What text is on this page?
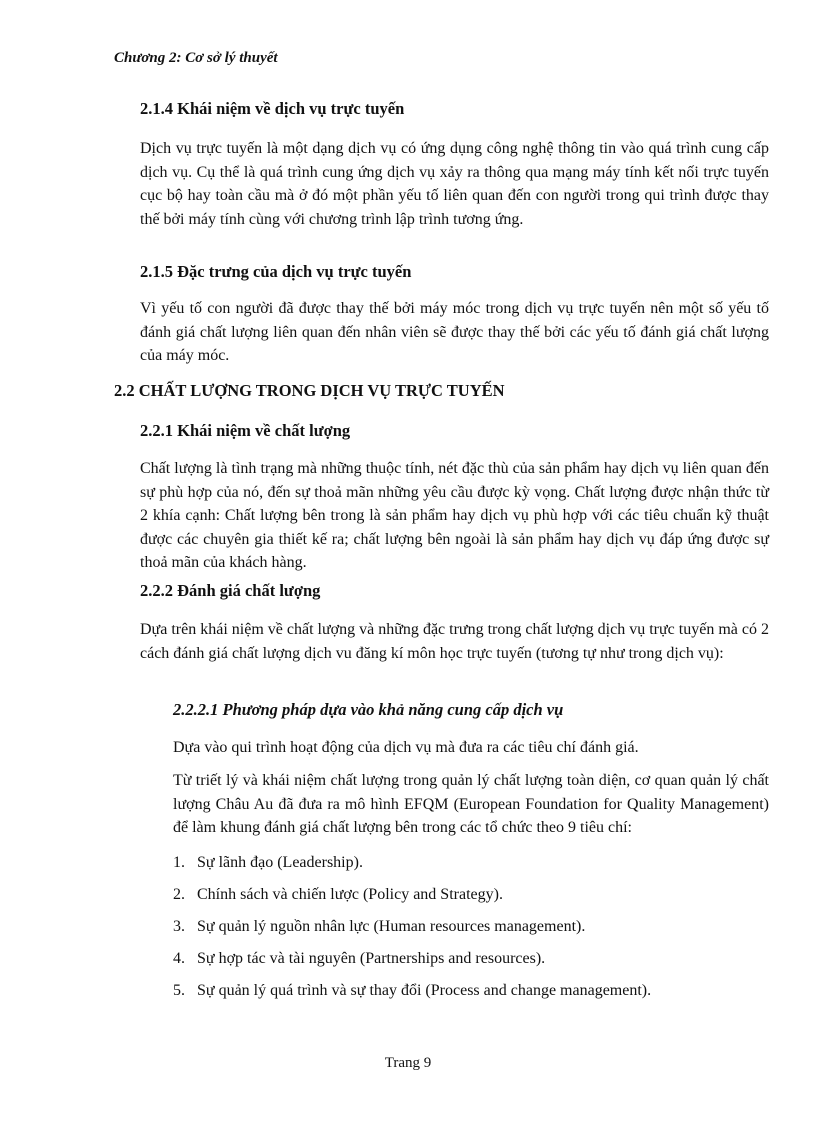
Chương 2: Cơ sở lý thuyết
2.1.4 Khái niệm về dịch vụ trực tuyến
Dịch vụ trực tuyến là một dạng dịch vụ có ứng dụng công nghệ thông tin vào quá trình cung cấp dịch vụ. Cụ thể là quá trình cung ứng dịch vụ xảy ra thông qua mạng máy tính kết nối trực tuyến cục bộ hay toàn cầu mà ở đó một phần yếu tố liên quan đến con người trong qui trình được thay thế bởi máy tính cùng với chương trình lập trình tương ứng.
2.1.5 Đặc trưng của dịch vụ trực tuyến
Vì yếu tố con người đã được thay thế bởi máy móc trong dịch vụ trực tuyến nên một số yếu tố đánh giá chất lượng liên quan đến nhân viên sẽ được thay thế bởi các yếu tố đánh giá chất lượng của máy móc.
2.2 CHẤT LƯỢNG TRONG DỊCH VỤ TRỰC TUYẾN
2.2.1 Khái niệm về chất lượng
Chất lượng là tình trạng mà những thuộc tính, nét đặc thù của sản phẩm hay dịch vụ liên quan đến sự phù hợp của nó, đến sự thoả mãn những yêu cầu được kỳ vọng. Chất lượng được nhận thức từ 2 khía cạnh: Chất lượng bên trong là sản phẩm hay dịch vụ phù hợp với các tiêu chuẩn kỹ thuật được các chuyên gia thiết kế ra; chất lượng bên ngoài là sản phẩm hay dịch vụ đáp ứng được sự thoả mãn của khách hàng.
2.2.2 Đánh giá chất lượng
Dựa trên khái niệm về chất lượng và những đặc trưng trong chất lượng dịch vụ trực tuyến mà có 2 cách đánh giá chất lượng dịch vu đăng kí môn học trực tuyến (tương tự như trong dịch vụ):
2.2.2.1 Phương pháp dựa vào khả năng cung cấp dịch vụ
Dựa vào qui trình hoạt động của dịch vụ mà đưa ra các tiêu chí đánh giá.
Từ triết lý và khái niệm chất lượng trong quản lý chất lượng toàn diện, cơ quan quản lý chất lượng Châu Au đã đưa ra mô hình EFQM (European Foundation for Quality Management) để làm khung đánh giá chất lượng bên trong các tổ chức theo 9 tiêu chí:
1. Sự lãnh đạo (Leadership).
2. Chính sách và chiến lược (Policy and Strategy).
3. Sự quản lý nguồn nhân lực (Human resources management).
4. Sự hợp tác và tài nguyên (Partnerships and resources).
5. Sự quản lý quá trình và sự thay đổi (Process and change management).
Trang 9
